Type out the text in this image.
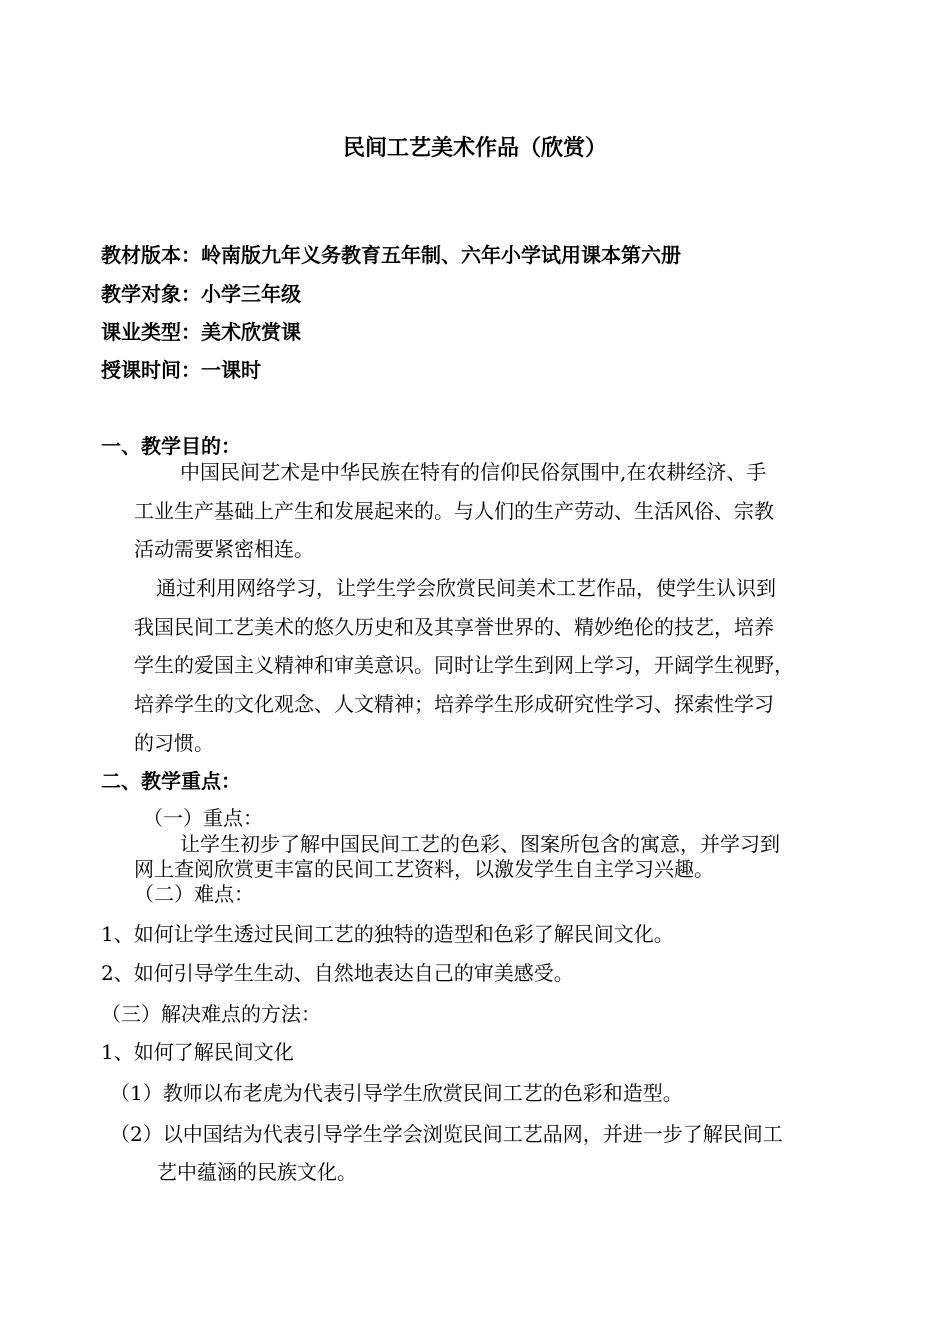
民间工艺美术作品（欣赏）

教材版本：岭南版九年义务教育五年制、六年小学试用课本第六册

教学对象：小学三年级

课业类型：美术欣赏课

授课时间：一课时

一、教学目的：

中国民间艺术是中华民族在特有的信仰民俗氛围中,在农耕经济、手

工业生产基础上产生和发展起来的。与人们的生产劳动、生活风俗、宗教

活动需要紧密相连。

通过利用网络学习，让学生学会欣赏民间美术工艺作品，使学生认识到

我国民间工艺美术的悠久历史和及其享誉世界的、精妙绝伦的技艺，培养

学生的爱国主义精神和审美意识。同时让学生到网上学习，开阔学生视野，

培养学生的文化观念、人文精神；培养学生形成研究性学习、探索性学习

的习惯。

二、教学重点：

（一）重点：

让学生初步了解中国民间工艺的色彩、图案所包含的寓意，并学习到

网上查阅欣赏更丰富的民间工艺资料，以激发学生自主学习兴趣。

（二）难点：

1、如何让学生透过民间工艺的独特的造型和色彩了解民间文化。

2、如何引导学生生动、自然地表达自己的审美感受。

（三）解决难点的方法：

1、如何了解民间文化

（1）教师以布老虎为代表引导学生欣赏民间工艺的色彩和造型。

（2）以中国结为代表引导学生学会浏览民间工艺品网，并进一步了解民间工

艺中蕴涵的民族文化。
